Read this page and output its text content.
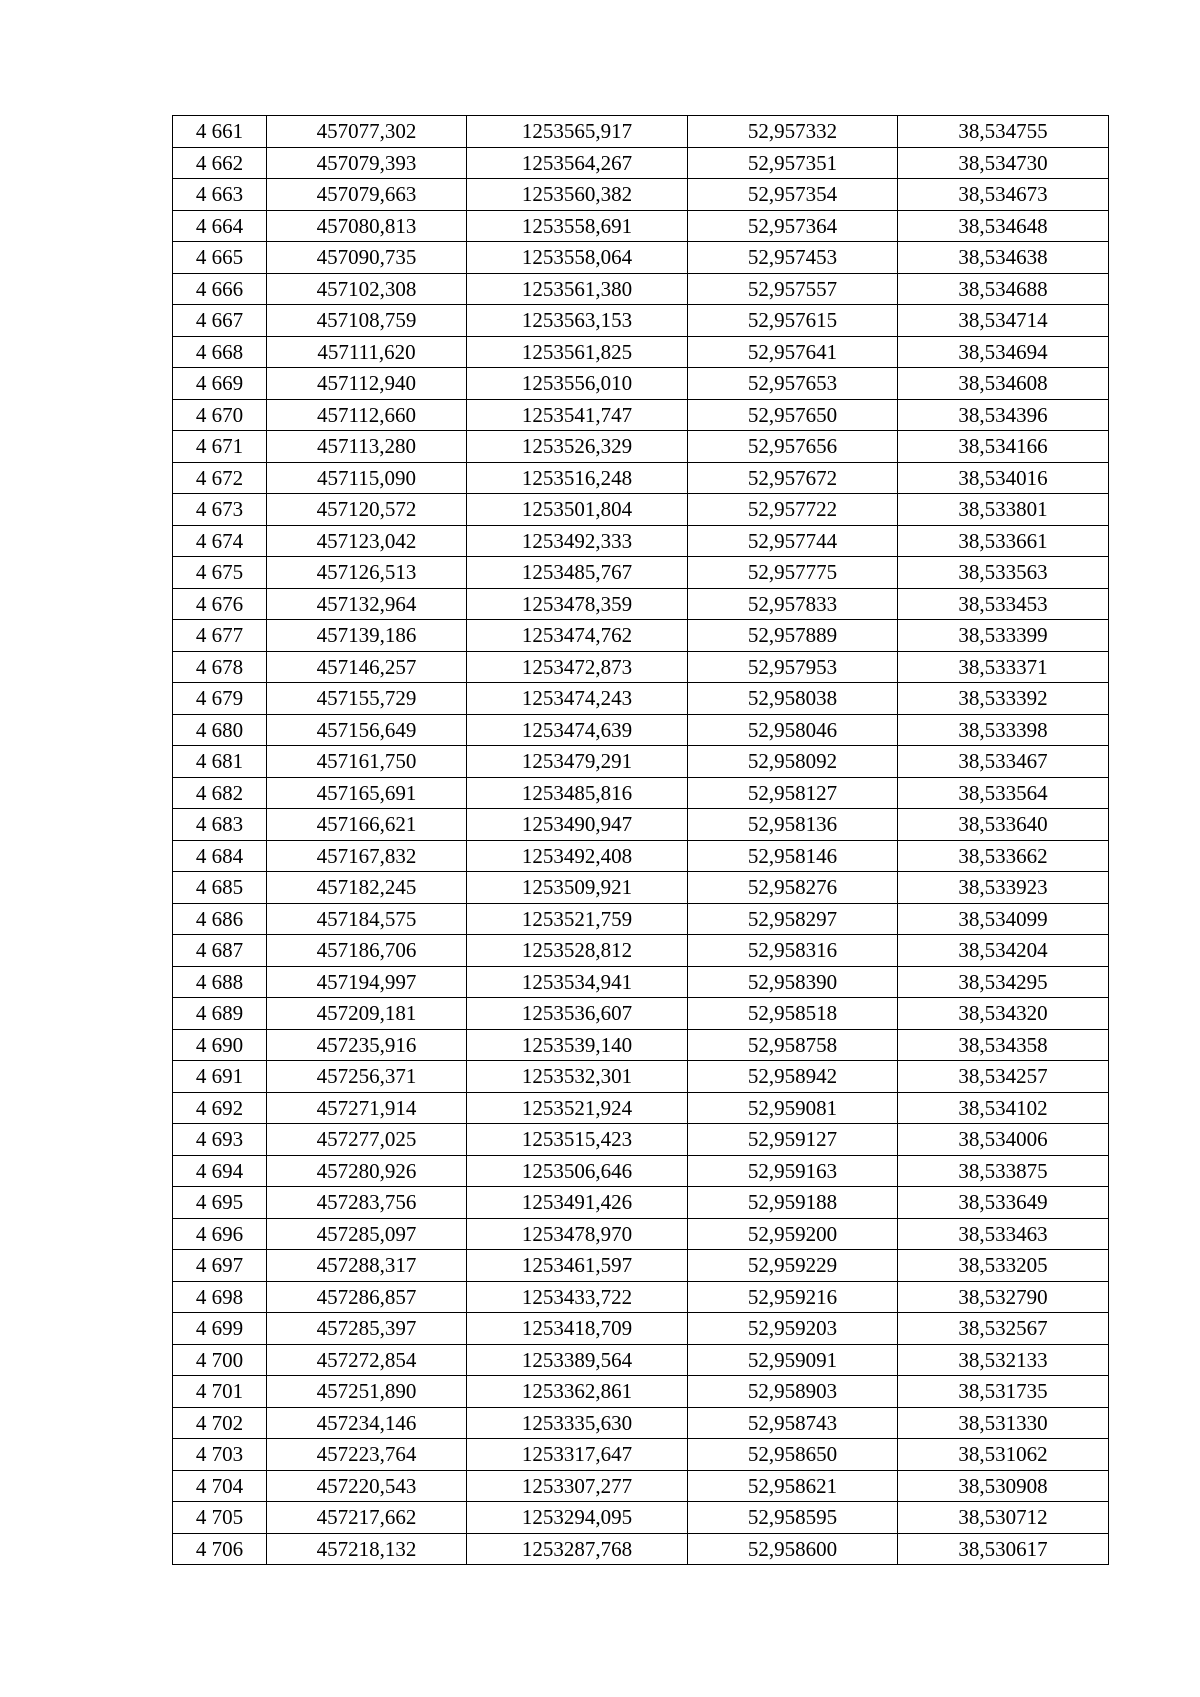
4 661	457077,302	1253565,917	52,957332	38,534755
4 662	457079,393	1253564,267	52,957351	38,534730
4 663	457079,663	1253560,382	52,957354	38,534673
4 664	457080,813	1253558,691	52,957364	38,534648
4 665	457090,735	1253558,064	52,957453	38,534638
4 666	457102,308	1253561,380	52,957557	38,534688
4 667	457108,759	1253563,153	52,957615	38,534714
4 668	457111,620	1253561,825	52,957641	38,534694
4 669	457112,940	1253556,010	52,957653	38,534608
4 670	457112,660	1253541,747	52,957650	38,534396
4 671	457113,280	1253526,329	52,957656	38,534166
4 672	457115,090	1253516,248	52,957672	38,534016
4 673	457120,572	1253501,804	52,957722	38,533801
4 674	457123,042	1253492,333	52,957744	38,533661
4 675	457126,513	1253485,767	52,957775	38,533563
4 676	457132,964	1253478,359	52,957833	38,533453
4 677	457139,186	1253474,762	52,957889	38,533399
4 678	457146,257	1253472,873	52,957953	38,533371
4 679	457155,729	1253474,243	52,958038	38,533392
4 680	457156,649	1253474,639	52,958046	38,533398
4 681	457161,750	1253479,291	52,958092	38,533467
4 682	457165,691	1253485,816	52,958127	38,533564
4 683	457166,621	1253490,947	52,958136	38,533640
4 684	457167,832	1253492,408	52,958146	38,533662
4 685	457182,245	1253509,921	52,958276	38,533923
4 686	457184,575	1253521,759	52,958297	38,534099
4 687	457186,706	1253528,812	52,958316	38,534204
4 688	457194,997	1253534,941	52,958390	38,534295
4 689	457209,181	1253536,607	52,958518	38,534320
4 690	457235,916	1253539,140	52,958758	38,534358
4 691	457256,371	1253532,301	52,958942	38,534257
4 692	457271,914	1253521,924	52,959081	38,534102
4 693	457277,025	1253515,423	52,959127	38,534006
4 694	457280,926	1253506,646	52,959163	38,533875
4 695	457283,756	1253491,426	52,959188	38,533649
4 696	457285,097	1253478,970	52,959200	38,533463
4 697	457288,317	1253461,597	52,959229	38,533205
4 698	457286,857	1253433,722	52,959216	38,532790
4 699	457285,397	1253418,709	52,959203	38,532567
4 700	457272,854	1253389,564	52,959091	38,532133
4 701	457251,890	1253362,861	52,958903	38,531735
4 702	457234,146	1253335,630	52,958743	38,531330
4 703	457223,764	1253317,647	52,958650	38,531062
4 704	457220,543	1253307,277	52,958621	38,530908
4 705	457217,662	1253294,095	52,958595	38,530712
4 706	457218,132	1253287,768	52,958600	38,530617
